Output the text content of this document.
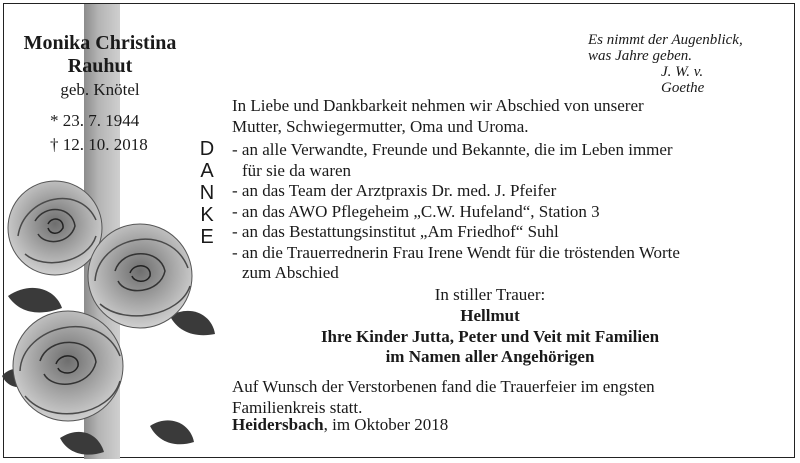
Monika Christina
Rauhut
geb. Knötel
* 23. 7. 1944
† 12. 10. 2018
Es nimmt der Augenblick,
was Jahre geben.
J. W. v. Goethe
D
A
N
K
E
In Liebe und Dankbarkeit nehmen wir Abschied von unserer
Mutter, Schwiegermutter, Oma und Uroma.
- an alle Verwandte, Freunde und Bekannte, die im Leben immer
für sie da waren
- an das Team der Arztpraxis Dr. med. J. Pfeifer
- an das AWO Pflegeheim „C.W. Hufeland“, Station 3
- an das Bestattungsinstitut „Am Friedhof“ Suhl
- an die Trauerrednerin Frau Irene Wendt für die tröstenden Worte
zum Abschied
In stiller Trauer:
Hellmut
Ihre Kinder Jutta, Peter und Veit mit Familien
im Namen aller Angehörigen
Auf Wunsch der Verstorbenen fand die Trauerfeier im engsten
Familienkreis statt.
Heidersbach, im Oktober 2018
